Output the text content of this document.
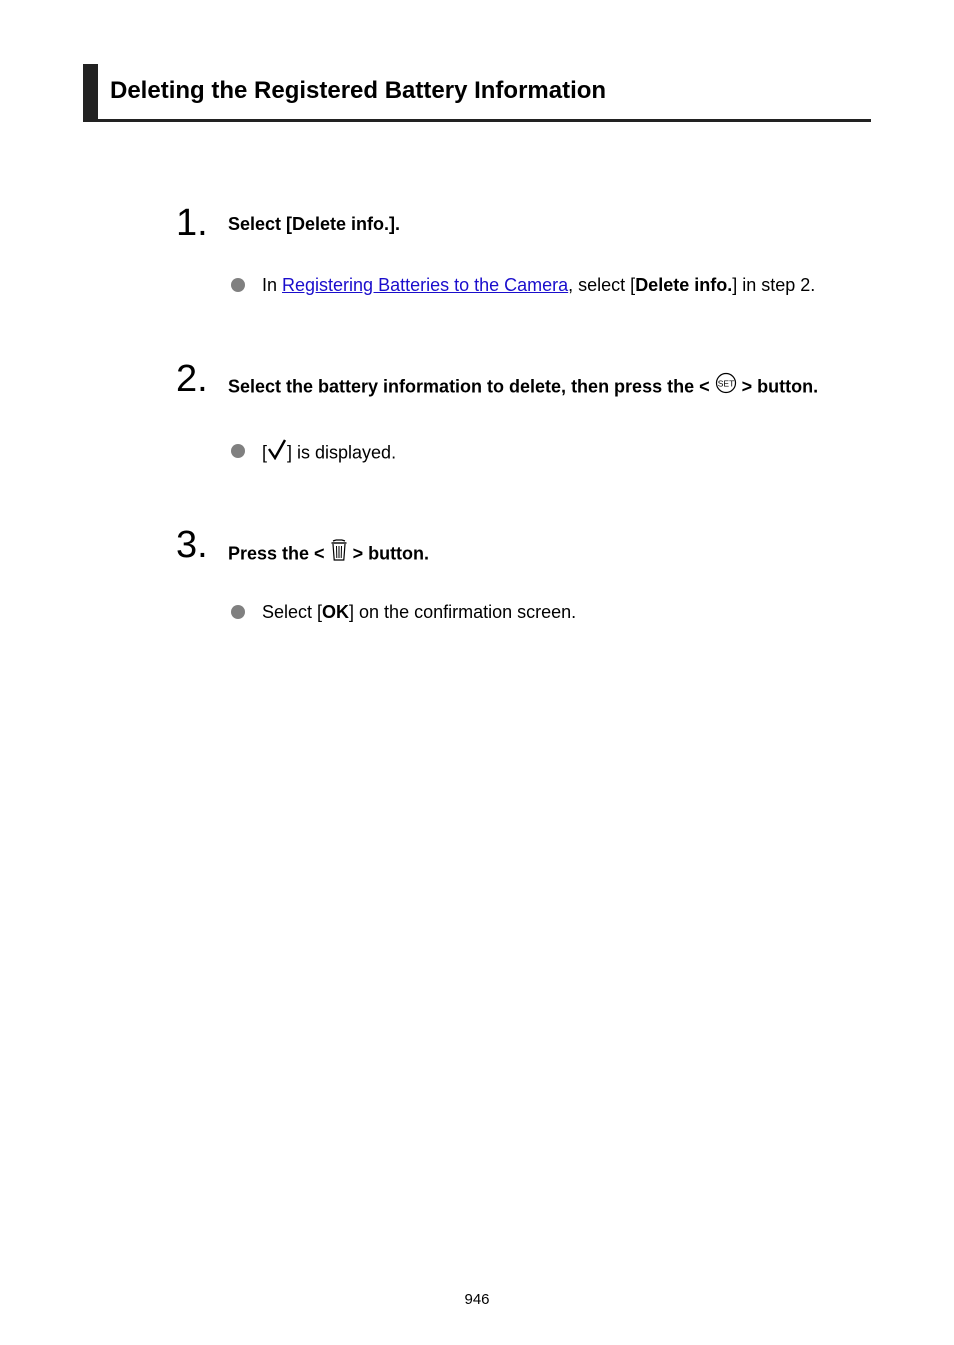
Deleting the Registered Battery Information
1. Select [Delete info.].
In Registering Batteries to the Camera, select [Delete info.] in step 2.
2. Select the battery information to delete, then press the < SET > button.
[ ] is displayed.
3. Press the <  > button.
Select [OK] on the confirmation screen.
946
